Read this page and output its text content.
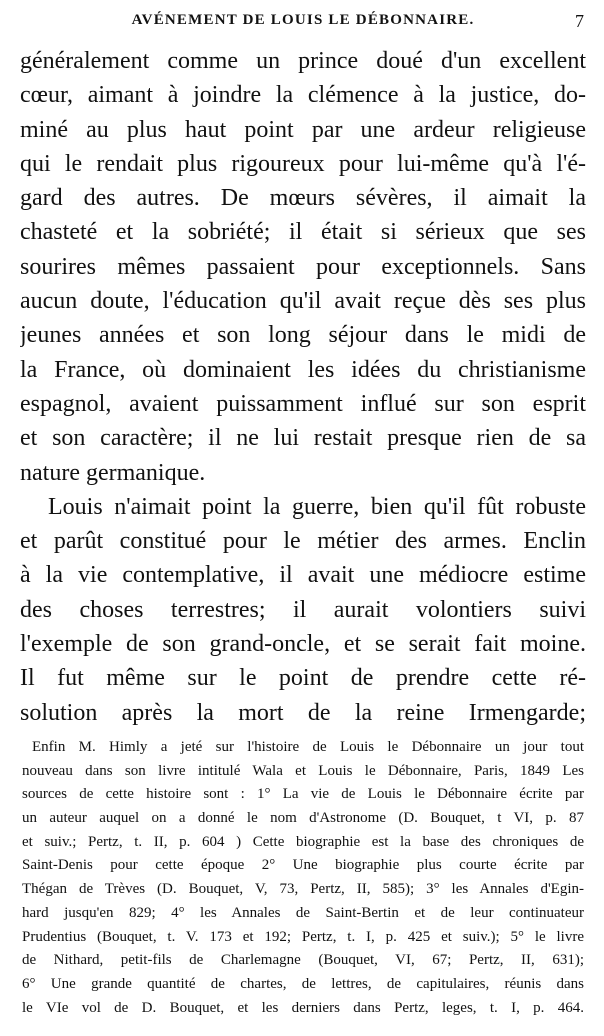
AVÉNEMENT DE LOUIS LE DÉBONNAIRE.	7
généralement comme un prince doué d'un excellent
cœur, aimant à joindre la clémence à la justice, do-
miné au plus haut point par une ardeur religieuse
qui le rendait plus rigoureux pour lui-même qu'à l'é-
gard des autres. De mœurs sévères, il aimait la
chasteté et la sobriété; il était si sérieux que ses
sourires mêmes passaient pour exceptionnels. Sans
aucun doute, l'éducation qu'il avait reçue dès ses plus
jeunes années et son long séjour dans le midi de
la France, où dominaient les idées du christianisme
espagnol, avaient puissamment influé sur son esprit
et son caractère; il ne lui restait presque rien de sa
nature germanique.
Louis n'aimait point la guerre, bien qu'il fût robuste
et parût constitué pour le métier des armes. Enclin
à la vie contemplative, il avait une médiocre estime
des choses terrestres; il aurait volontiers suivi
l'exemple de son grand-oncle, et se serait fait moine.
Il fut même sur le point de prendre cette ré-
solution après la mort de la reine Irmengarde;
Enfin M. Himly a jeté sur l'histoire de Louis le Débonnaire un jour tout
nouveau dans son livre intitulé Wala et Louis le Débonnaire, Paris, 1849 Les
sources de cette histoire sont : 1° La vie de Louis le Débonnaire écrite par
un auteur auquel on a donné le nom d'Astronome (D. Bouquet, t VI, p. 87
et suiv.; Pertz, t. II, p. 604 ) Cette biographie est la base des chroniques de
Saint-Denis pour cette époque 2° Une biographie plus courte écrite par
Thégan de Trèves (D. Bouquet, V, 73, Pertz, II, 585); 3° les Annales d'Egin-
hard jusqu'en 829; 4° les Annales de Saint-Bertin et de leur continuateur
Prudentius (Bouquet, t. V. 173 et 192; Pertz, t. I, p. 425 et suiv.); 5° le livre
de Nithard, petit-fils de Charlemagne (Bouquet, VI, 67; Pertz, II, 631);
6° Une grande quantité de chartes, de lettres, de capitulaires, réunis dans
le VIe vol de D. Bouquet, et les derniers dans Pertz, leges, t. I, p. 464.
